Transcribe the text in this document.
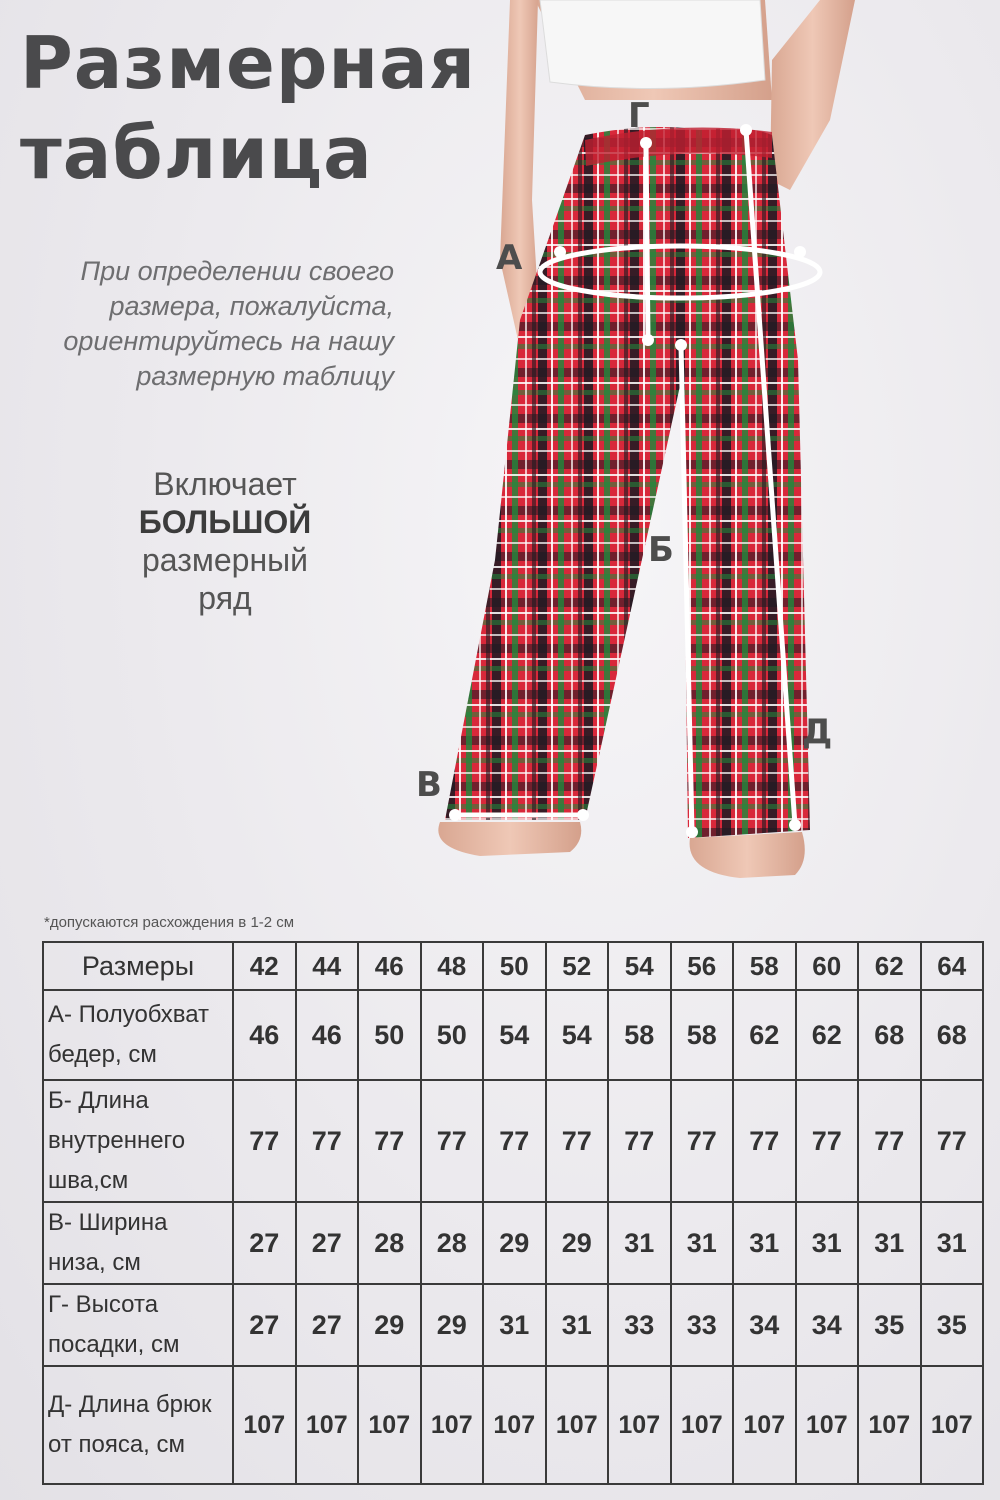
Размерная
таблица
При определении своего
размера, пожалуйста,
ориентируйтесь на нашу
размерную таблицу
Включает
БОЛЬШОЙ
размерный
ряд
Г
А
Б
Д
В
*допускаются расхождения в 1-2 см
Размеры	42	44	46	48	50	52	54	56	58	60	62	64

А- Полуобхват
бедер, см	46	46	50	50	54	54	58	58	62	62	68	68

Б- Длина
внутреннего
шва,см	77	77	77	77	77	77	77	77	77	77	77	77

В- Ширина
низа, см	27	27	28	28	29	29	31	31	31	31	31	31

Г- Высота
посадки, см	27	27	29	29	31	31	33	33	34	34	35	35

Д- Длина брюк
от пояса, см	107	107	107	107	107	107	107	107	107	107	107	107
